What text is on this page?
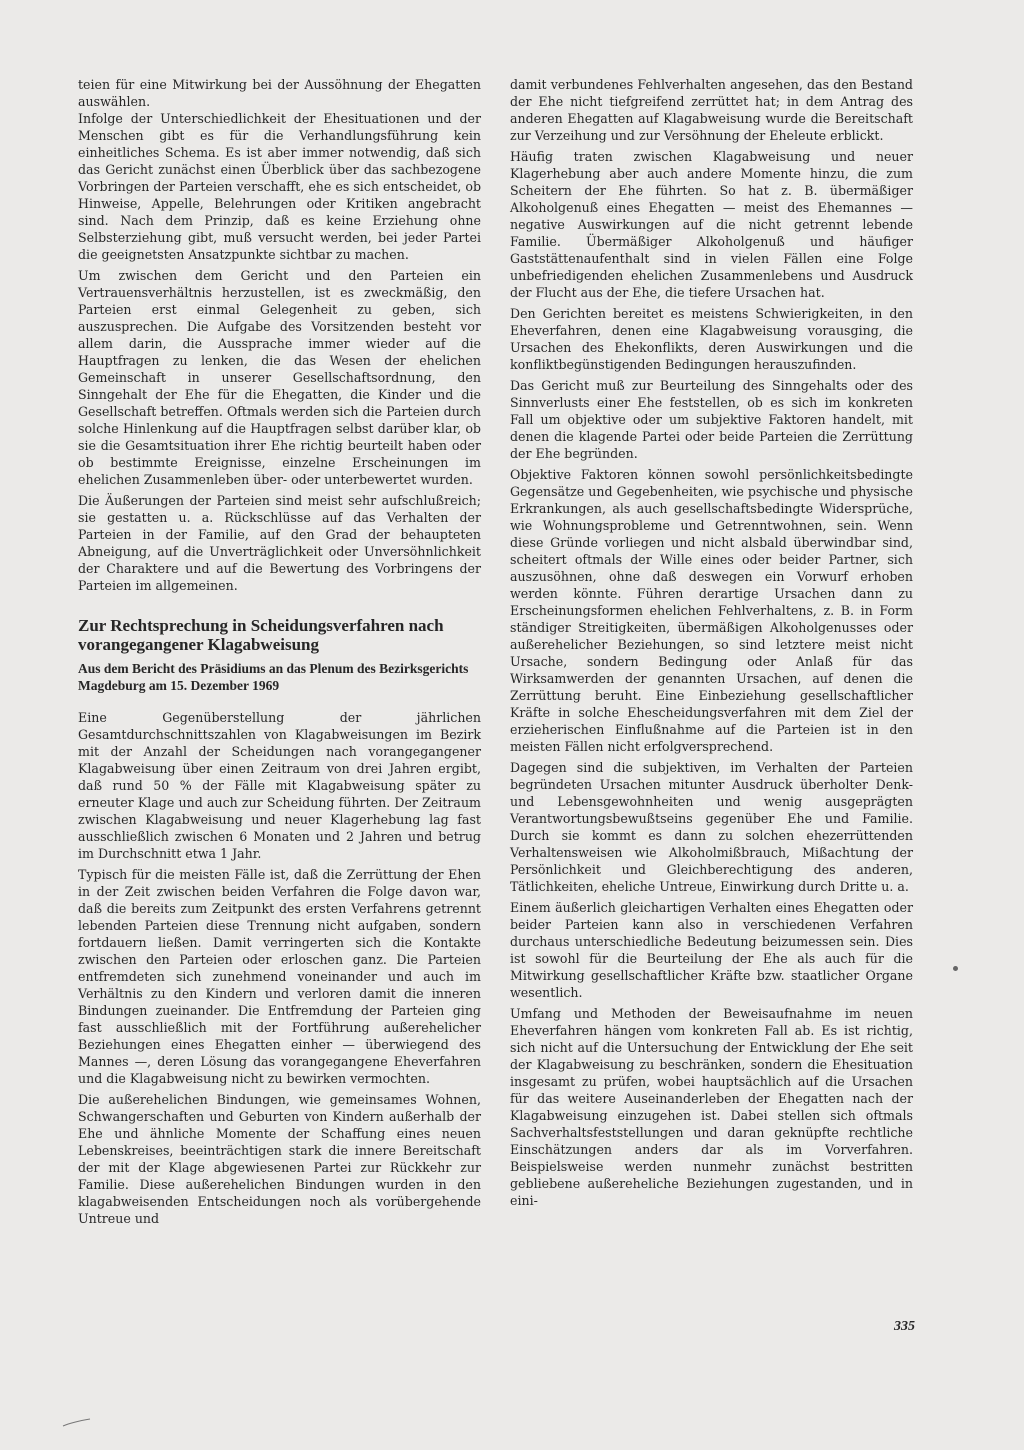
teien für eine Mitwirkung bei der Aussöhnung der Ehegatten auswählen.

Infolge der Unterschiedlichkeit der Ehesituationen und der Menschen gibt es für die Verhandlungsführung kein einheitliches Schema. Es ist aber immer notwendig, daß sich das Gericht zunächst einen Überblick über das sachbezogene Vorbringen der Parteien verschafft, ehe es sich entscheidet, ob Hinweise, Appelle, Belehrungen oder Kritiken angebracht sind. Nach dem Prinzip, daß es keine Erziehung ohne Selbsterziehung gibt, muß versucht werden, bei jeder Partei die geeignetsten Ansatzpunkte sichtbar zu machen.

Um zwischen dem Gericht und den Parteien ein Vertrauensverhältnis herzustellen, ist es zweckmäßig, den Parteien erst einmal Gelegenheit zu geben, sich auszusprechen. Die Aufgabe des Vorsitzenden besteht vor allem darin, die Aussprache immer wieder auf die Hauptfragen zu lenken, die das Wesen der ehelichen Gemeinschaft in unserer Gesellschaftsordnung, den Sinngehalt der Ehe für die Ehegatten, die Kinder und die Gesellschaft betreffen. Oftmals werden sich die Parteien durch solche Hinlenkung auf die Hauptfragen selbst darüber klar, ob sie die Gesamtsituation ihrer Ehe richtig beurteilt haben oder ob bestimmte Ereignisse, einzelne Erscheinungen im ehelichen Zusammenleben über- oder unterbewertet wurden.

Die Äußerungen der Parteien sind meist sehr aufschlußreich; sie gestatten u. a. Rückschlüsse auf das Verhalten der Parteien in der Familie, auf den Grad der behaupteten Abneigung, auf die Unverträglichkeit oder Unversöhnlichkeit der Charaktere und auf die Bewertung des Vorbringens der Parteien im allgemeinen.

Zur Rechtsprechung in Scheidungsverfahren nach vorangegangener Klagabweisung
Aus dem Bericht des Präsidiums an das Plenum des Bezirksgerichts Magdeburg am 15. Dezember 1969

Eine Gegenüberstellung der jährlichen Gesamtdurchschnittszahlen von Klagabweisungen im Bezirk mit der Anzahl der Scheidungen nach vorangegangener Klagabweisung über einen Zeitraum von drei Jahren ergibt, daß rund 50 % der Fälle mit Klagabweisung später zu erneuter Klage und auch zur Scheidung führten. Der Zeitraum zwischen Klagabweisung und neuer Klagerhebung lag fast ausschließlich zwischen 6 Monaten und 2 Jahren und betrug im Durchschnitt etwa 1 Jahr.

Typisch für die meisten Fälle ist, daß die Zerrüttung der Ehen in der Zeit zwischen beiden Verfahren die Folge davon war, daß die bereits zum Zeitpunkt des ersten Verfahrens getrennt lebenden Parteien diese Trennung nicht aufgaben, sondern fortdauern ließen. Damit verringerten sich die Kontakte zwischen den Parteien oder erloschen ganz. Die Parteien entfremdeten sich zunehmend voneinander und auch im Verhältnis zu den Kindern und verloren damit die inneren Bindungen zueinander. Die Entfremdung der Parteien ging fast ausschließlich mit der Fortführung außerehelicher Beziehungen eines Ehegatten einher — überwiegend des Mannes —, deren Lösung das vorangegangene Eheverfahren und die Klagabweisung nicht zu bewirken vermochten.

Die außerehelichen Bindungen, wie gemeinsames Wohnen, Schwangerschaften und Geburten von Kindern außerhalb der Ehe und ähnliche Momente der Schaffung eines neuen Lebenskreises, beeinträchtigen stark die innere Bereitschaft der mit der Klage abgewiesenen Partei zur Rückkehr zur Familie. Diese außerehelichen Bindungen wurden in den klagabweisenden Entscheidungen noch als vorübergehende Untreue und

damit verbundenes Fehlverhalten angesehen, das den Bestand der Ehe nicht tiefgreifend zerrüttet hat; in dem Antrag des anderen Ehegatten auf Klagabweisung wurde die Bereitschaft zur Verzeihung und zur Versöhnung der Eheleute erblickt.

Häufig traten zwischen Klagabweisung und neuer Klagerhebung aber auch andere Momente hinzu, die zum Scheitern der Ehe führten. So hat z. B. übermäßiger Alkoholgenuß eines Ehegatten — meist des Ehemannes — negative Auswirkungen auf die nicht getrennt lebende Familie. Übermäßiger Alkoholgenuß und häufiger Gaststättenaufenthalt sind in vielen Fällen eine Folge unbefriedigenden ehelichen Zusammenlebens und Ausdruck der Flucht aus der Ehe, die tiefere Ursachen hat.

Den Gerichten bereitet es meistens Schwierigkeiten, in den Eheverfahren, denen eine Klagabweisung vorausging, die Ursachen des Ehekonflikts, deren Auswirkungen und die konfliktbegünstigenden Bedingungen herauszufinden.

Das Gericht muß zur Beurteilung des Sinngehalts oder des Sinnverlusts einer Ehe feststellen, ob es sich im konkreten Fall um objektive oder um subjektive Faktoren handelt, mit denen die klagende Partei oder beide Parteien die Zerrüttung der Ehe begründen.

Objektive Faktoren können sowohl persönlichkeitsbedingte Gegensätze und Gegebenheiten, wie psychische und physische Erkrankungen, als auch gesellschaftsbedingte Widersprüche, wie Wohnungsprobleme und Getrenntwohnen, sein. Wenn diese Gründe vorliegen und nicht alsbald überwindbar sind, scheitert oftmals der Wille eines oder beider Partner, sich auszusöhnen, ohne daß deswegen ein Vorwurf erhoben werden könnte. Führen derartige Ursachen dann zu Erscheinungsformen ehelichen Fehlverhaltens, z. B. in Form ständiger Streitigkeiten, übermäßigen Alkoholgenusses oder außerehelicher Beziehungen, so sind letztere meist nicht Ursache, sondern Bedingung oder Anlaß für das Wirksamwerden der genannten Ursachen, auf denen die Zerrüttung beruht. Eine Einbeziehung gesellschaftlicher Kräfte in solche Ehescheidungsverfahren mit dem Ziel der erzieherischen Einflußnahme auf die Parteien ist in den meisten Fällen nicht erfolgversprechend.

Dagegen sind die subjektiven, im Verhalten der Parteien begründeten Ursachen mitunter Ausdruck überholter Denk- und Lebensgewohnheiten und wenig ausgeprägten Verantwortungsbewußtseins gegenüber Ehe und Familie. Durch sie kommt es dann zu solchen ehezerrüttenden Verhaltensweisen wie Alkoholmißbrauch, Mißachtung der Persönlichkeit und Gleichberechtigung des anderen, Tätlichkeiten, eheliche Untreue, Einwirkung durch Dritte u. a.

Einem äußerlich gleichartigen Verhalten eines Ehegatten oder beider Parteien kann also in verschiedenen Verfahren durchaus unterschiedliche Bedeutung beizumessen sein. Dies ist sowohl für die Beurteilung der Ehe als auch für die Mitwirkung gesellschaftlicher Kräfte bzw. staatlicher Organe wesentlich.

Umfang und Methoden der Beweisaufnahme im neuen Eheverfahren hängen vom konkreten Fall ab. Es ist richtig, sich nicht auf die Untersuchung der Entwicklung der Ehe seit der Klagabweisung zu beschränken, sondern die Ehesituation insgesamt zu prüfen, wobei hauptsächlich auf die Ursachen für das weitere Auseinanderleben der Ehegatten nach der Klagabweisung einzugehen ist. Dabei stellen sich oftmals Sachverhaltsfeststellungen und daran geknüpfte rechtliche Einschätzungen anders dar als im Vorverfahren. Beispielsweise werden nunmehr zunächst bestritten gebliebene außereheliche Beziehungen zugestanden, und in eini-

335
